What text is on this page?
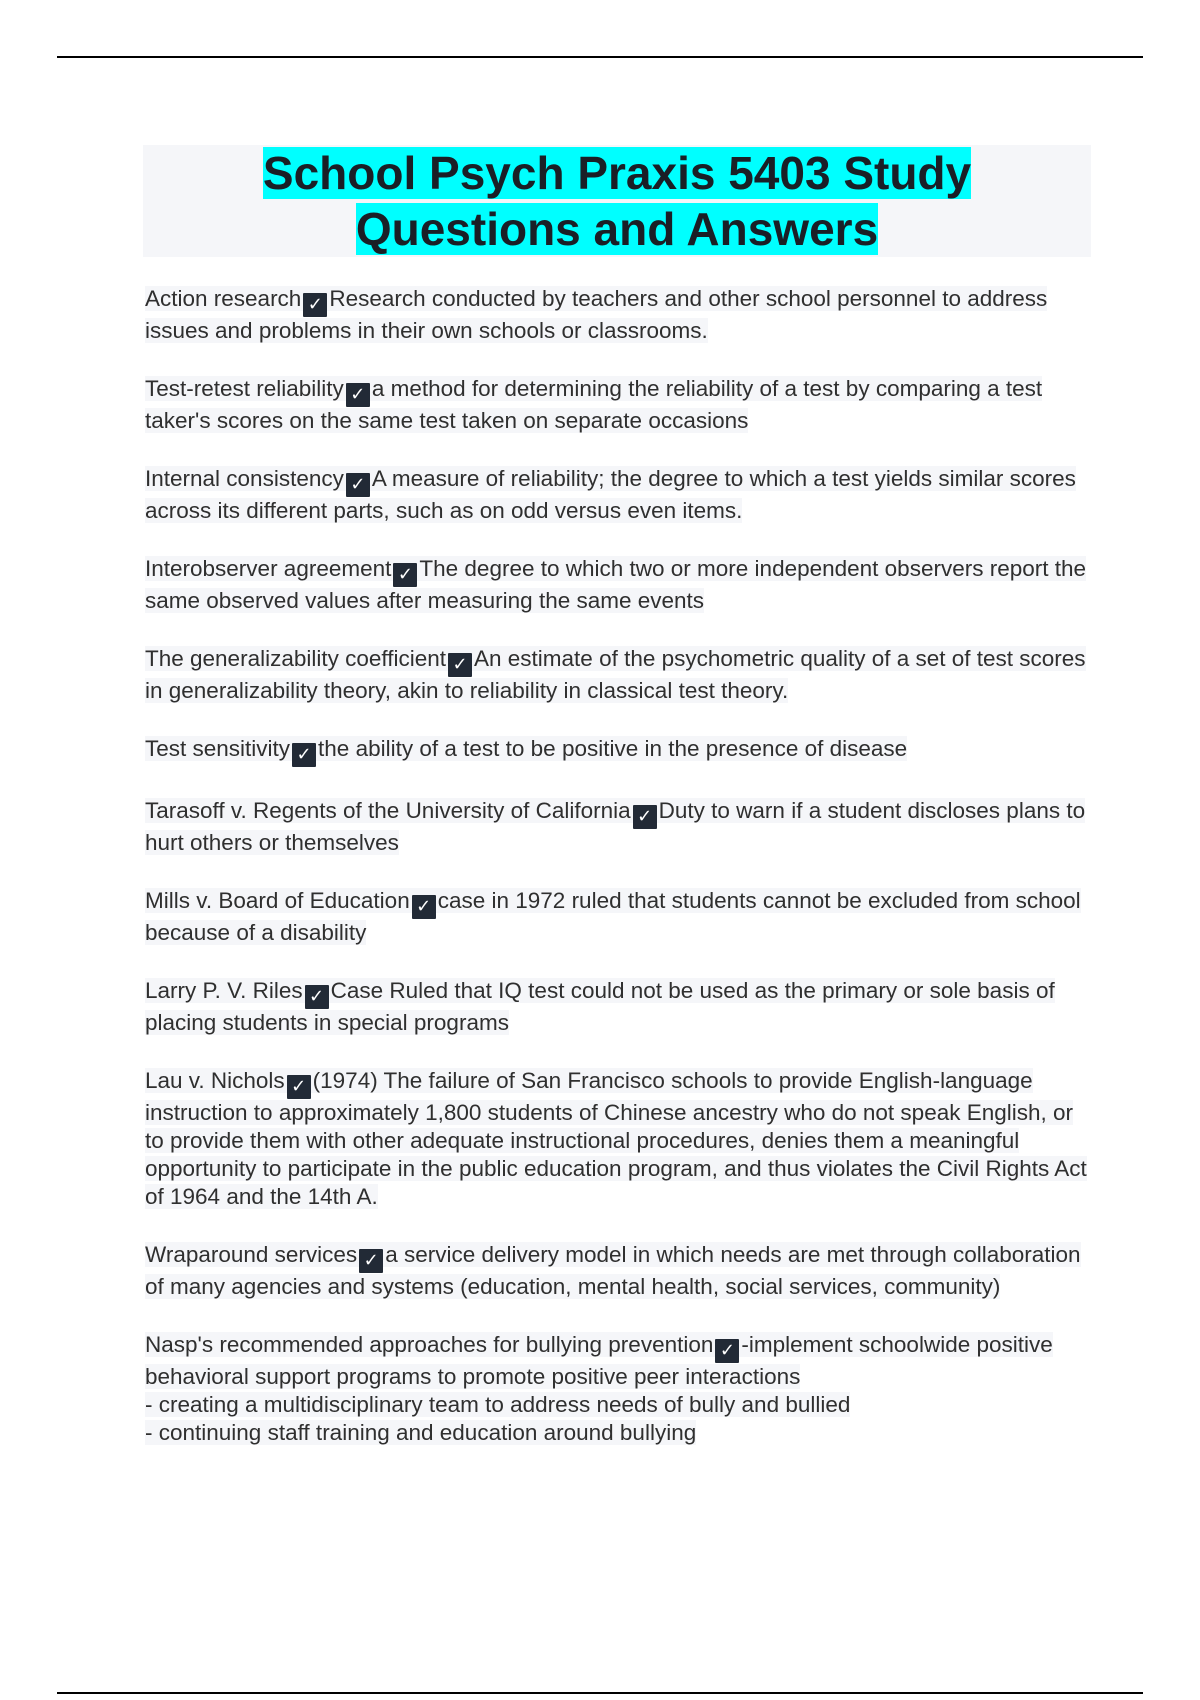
School Psych Praxis 5403 Study
Questions and Answers
Action research ✓ Research conducted by teachers and other school personnel to address issues and problems in their own schools or classrooms.
Test-retest reliability ✓ a method for determining the reliability of a test by comparing a test taker's scores on the same test taken on separate occasions
Internal consistency ✓ A measure of reliability; the degree to which a test yields similar scores across its different parts, such as on odd versus even items.
Interobserver agreement ✓ The degree to which two or more independent observers report the same observed values after measuring the same events
The generalizability coefficient ✓ An estimate of the psychometric quality of a set of test scores in generalizability theory, akin to reliability in classical test theory.
Test sensitivity ✓ the ability of a test to be positive in the presence of disease
Tarasoff v. Regents of the University of California ✓ Duty to warn if a student discloses plans to hurt others or themselves
Mills v. Board of Education ✓ case in 1972 ruled that students cannot be excluded from school because of a disability
Larry P. V. Riles ✓ Case Ruled that IQ test could not be used as the primary or sole basis of placing students in special programs
Lau v. Nichols ✓ (1974) The failure of San Francisco schools to provide English-language instruction to approximately 1,800 students of Chinese ancestry who do not speak English, or to provide them with other adequate instructional procedures, denies them a meaningful opportunity to participate in the public education program, and thus violates the Civil Rights Act of 1964 and the 14th A.
Wraparound services ✓ a service delivery model in which needs are met through collaboration of many agencies and systems (education, mental health, social services, community)
Nasp's recommended approaches for bullying prevention ✓ -implement schoolwide positive behavioral support programs to promote positive peer interactions
- creating a multidisciplinary team to address needs of bully and bullied
- continuing staff training and education around bullying
